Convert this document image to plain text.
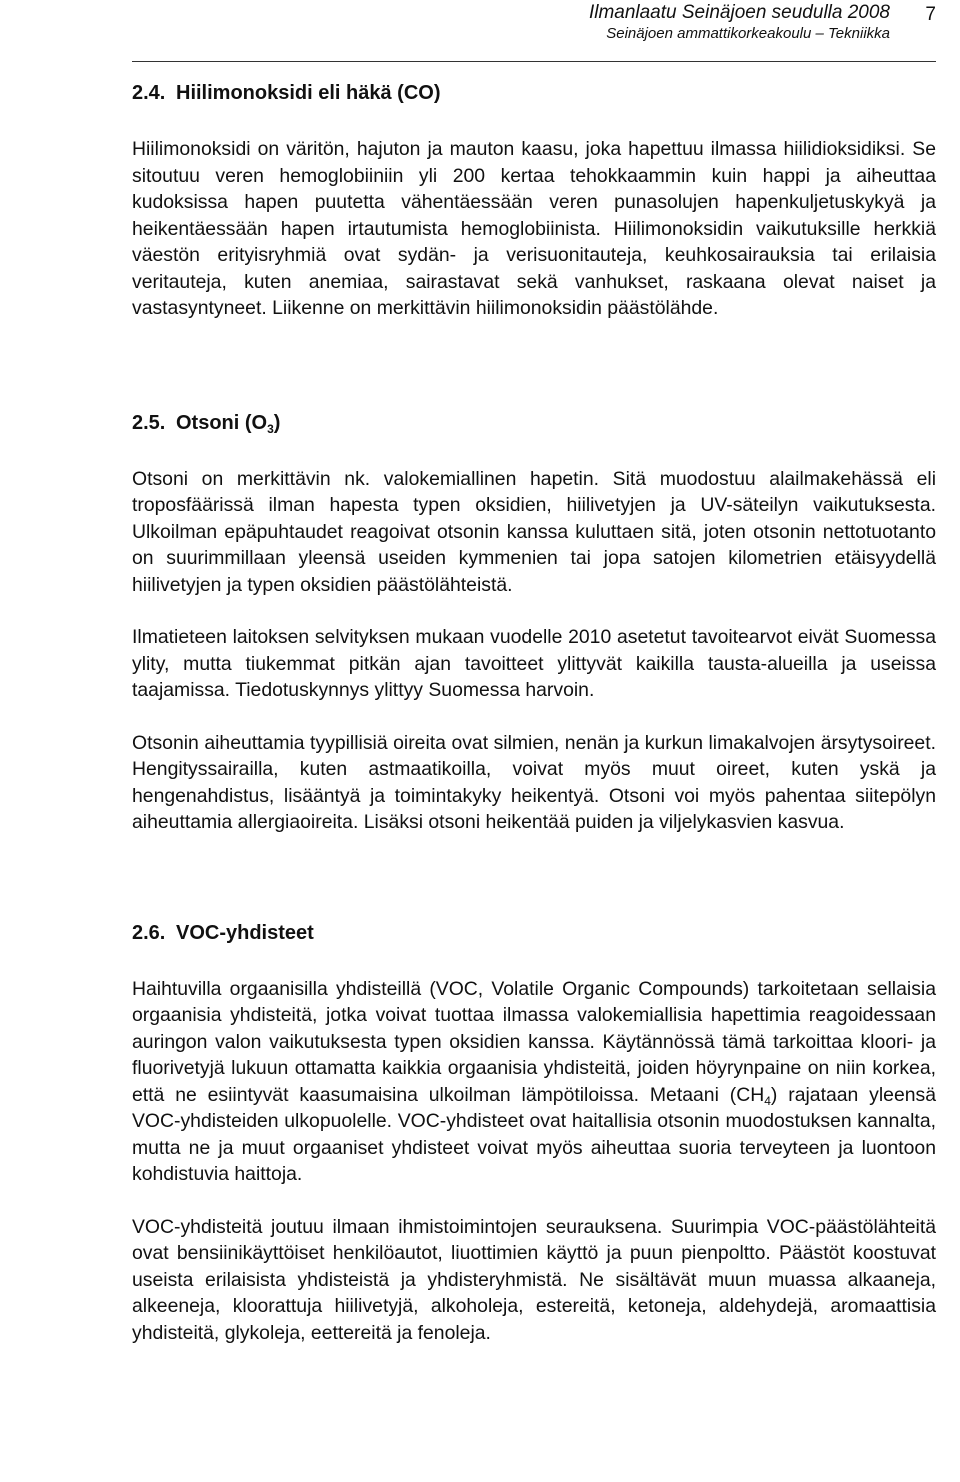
Ilmanlaatu Seinäjoen seudulla 2008
Seinäjoen ammattikorkeakoulu – Tekniikka
7
2.4. Hiilimonoksidi eli häkä (CO)

Hiilimonoksidi on väritön, hajuton ja mauton kaasu, joka hapettuu ilmassa hiilidioksidiksi. Se sitoutuu veren hemoglobiiniin yli 200 kertaa tehokkaammin kuin happi ja aiheuttaa kudoksissa hapen puutetta vähentäessään veren punasolujen hapenkuljetuskykyä ja heikentäessään hapen irtautumista hemoglobiinista. Hiilimonoksidin vaikutuksille herkkiä väestön erityisryhmiä ovat sydän- ja verisuonitauteja, keuhkosairauksia tai erilaisia veritauteja, kuten anemiaa, sairastavat sekä vanhukset, raskaana olevat naiset ja vastasyntyneet. Liikenne on merkittävin hiilimonoksidin päästölähde.

2.5. Otsoni $(O_3)$

Otsoni on merkittävin nk. valokemiallinen hapetin. Sitä muodostuu alailmakehässä eli troposfäärissä ilman hapesta typen oksidien, hiilivetyjen ja UV-säteilyn vaikutuksesta. Ulkoilman epäpuhtaudet reagoivat otsonin kanssa kuluttaen sitä, joten otsonin nettotuotanto on suurimmillaan yleensä useiden kymmenien tai jopa satojen kilometrien etäisyydellä hiilivetyjen ja typen oksidien päästölähteistä.

Ilmatieteen laitoksen selvityksen mukaan vuodelle 2010 asetetut tavoitearvot eivät Suomessa ylity, mutta tiukemmat pitkän ajan tavoitteet ylittyvät kaikilla tausta-alueilla ja useissa taajamissa. Tiedotuskynnys ylittyy Suomessa harvoin.

Otsonin aiheuttamia tyypillisiä oireita ovat silmien, nenän ja kurkun limakalvojen ärsytysoireet. Hengityssairailla, kuten astmaatikoilla, voivat myös muut oireet, kuten yskä ja hengenahdistus, lisääntyä ja toimintakyky heikentyä. Otsoni voi myös pahentaa siitepölyn aiheuttamia allergiaoireita. Lisäksi otsoni heikentää puiden ja viljelykasvien kasvua.

2.6. VOC-yhdisteet

Haihtuvilla orgaanisilla yhdisteillä (VOC, Volatile Organic Compounds) tarkoitetaan sellaisia orgaanisia yhdisteitä, jotka voivat tuottaa ilmassa valokemiallisia hapettimia reagoidessaan auringon valon vaikutuksesta typen oksidien kanssa. Käytännössä tämä tarkoittaa kloori- ja fluorivetyjä lukuun ottamatta kaikkia orgaanisia yhdisteitä, joiden höyrynpaine on niin korkea, että ne esiintyvät kaasumaisina ulkoilman lämpötiloissa. Metaani $(CH_4)$ rajataan yleensä VOC-yhdisteiden ulkopuolelle. VOC-yhdisteet ovat haitallisia otsonin muodostuksen kannalta, mutta ne ja muut orgaaniset yhdisteet voivat myös aiheuttaa suoria terveyteen ja luontoon kohdistuvia haittoja.

VOC-yhdisteitä joutuu ilmaan ihmistoimintojen seurauksena. Suurimpia VOC-päästölähteitä ovat bensiinikäyttöiset henkilöautot, liuottimien käyttö ja puun pienpoltto. Päästöt koostuvat useista erilaisista yhdisteistä ja yhdisteryhmistä. Ne sisältävät muun muassa alkaaneja, alkeeneja, kloorattuja hiilivetyjä, alkoholeja, estereitä, ketoneja, aldehydejä, aromaattisia yhdisteitä, glykoleja, eettereitä ja fenoleja.
